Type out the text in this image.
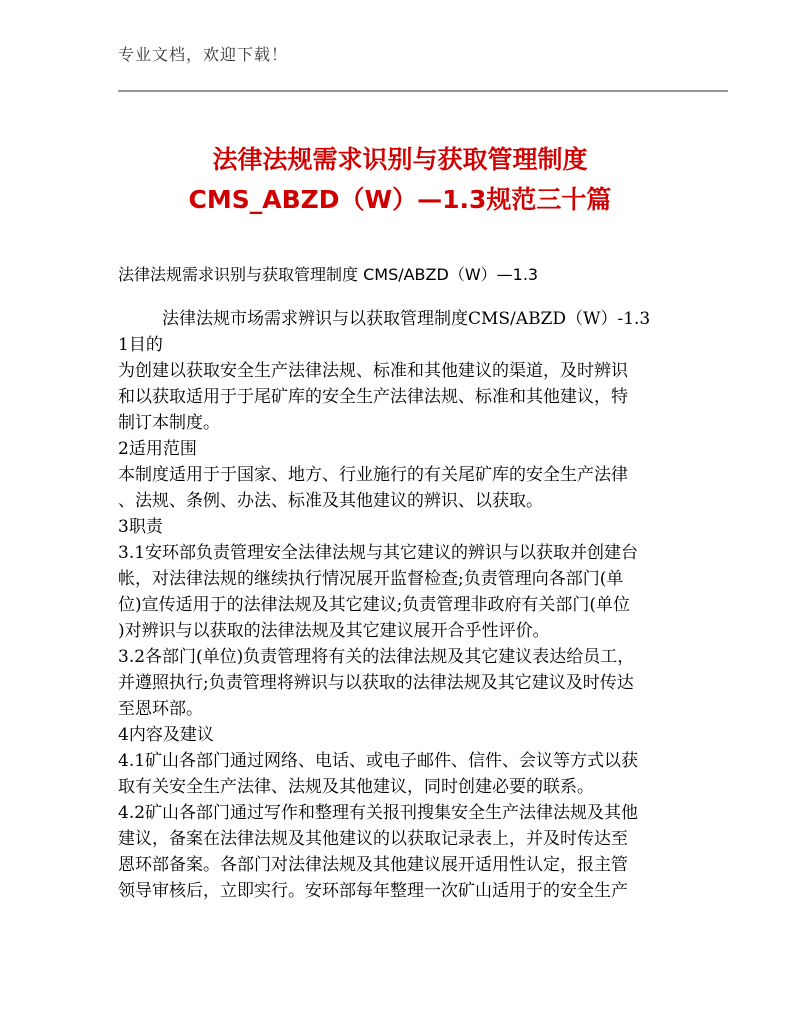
专业文档，欢迎下载！
法律法规需求识别与获取管理制度
CMS_ABZD（W）—1.3规范三十篇
法律法规需求识别与获取管理制度 CMS/ABZD（W）—1.3
法律法规市场需求辨识与以获取管理制度CMS/ABZD（W）-1.3
1目的
为创建以获取安全生产法律法规、标准和其他建议的渠道，及时辨识
和以获取适用于于尾矿库的安全生产法律法规、标准和其他建议，特
制订本制度。
2适用范围
本制度适用于于国家、地方、行业施行的有关尾矿库的安全生产法律
、法规、条例、办法、标准及其他建议的辨识、以获取。
3职责
3.1安环部负责管理安全法律法规与其它建议的辨识与以获取并创建台
帐，对法律法规的继续执行情况展开监督检查;负责管理向各部门(单
位)宣传适用于的法律法规及其它建议;负责管理非政府有关部门(单位
)对辨识与以获取的法律法规及其它建议展开合乎性评价。
3.2各部门(单位)负责管理将有关的法律法规及其它建议表达给员工，
并遵照执行;负责管理将辨识与以获取的法律法规及其它建议及时传达
至恩环部。
4内容及建议
4.1矿山各部门通过网络、电话、或电子邮件、信件、会议等方式以获
取有关安全生产法律、法规及其他建议，同时创建必要的联系。
4.2矿山各部门通过写作和整理有关报刊搜集安全生产法律法规及其他
建议，备案在法律法规及其他建议的以获取记录表上，并及时传达至
恩环部备案。各部门对法律法规及其他建议展开适用性认定，报主管
领导审核后，立即实行。安环部每年整理一次矿山适用于的安全生产
